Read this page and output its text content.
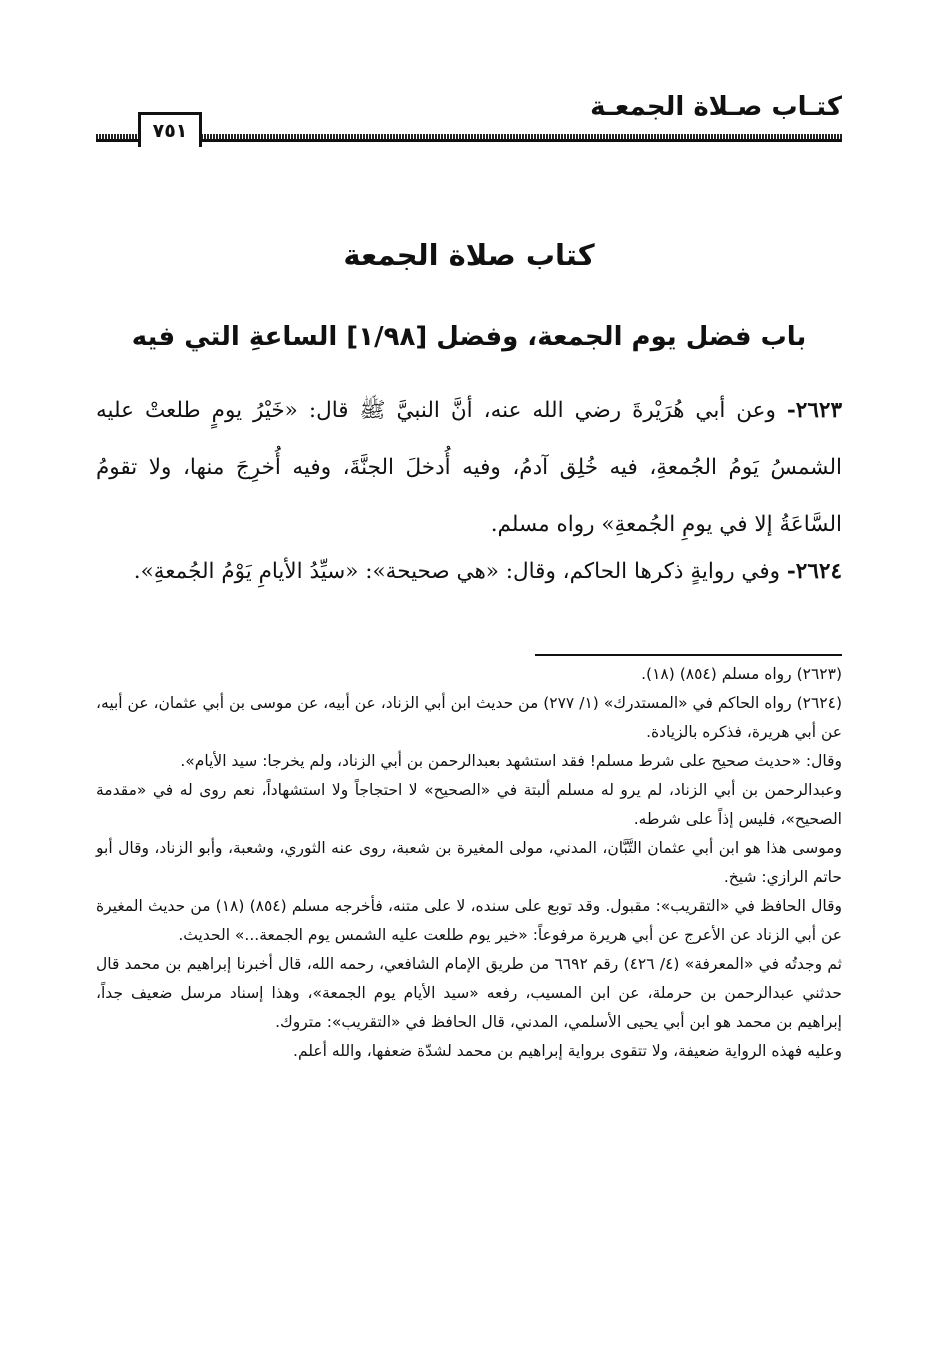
كتـاب صـلاة الجمعـة
٧٥١
كتاب صلاة الجمعة
باب فضل يوم الجمعة، وفضل [١/٩٨] الساعةِ التي فيه
٢٦٢٣- وعن أبي هُرَيْرةَ رضي الله عنه، أنَّ النبيَّ ﷺ قال: «خَيْرُ يومٍ طلعتْ عليه الشمسُ يَومُ الجُمعةِ، فيه خُلِق آدمُ، وفيه أُدخلَ الجنَّةَ، وفيه أُخرِجَ منها، ولا تقومُ السَّاعَةُ إلا في يومِ الجُمعةِ» رواه مسلم.
٢٦٢٤- وفي روايةٍ ذكرها الحاكم، وقال: «هي صحيحة»: «سيِّدُ الأيامِ يَوْمُ الجُمعةِ».

(٢٦٢٣) رواه مسلم (٨٥٤) (١٨).

(٢٦٢٤) رواه الحاكم في «المستدرك» (١/ ٢٧٧) من حديث ابن أبي الزناد، عن أبيه، عن موسى بن أبي عثمان، عن أبيه، عن أبي هريرة، فذكره بالزيادة.

وقال: «حديث صحيح على شرط مسلم! فقد استشهد بعبدالرحمن بن أبي الزناد، ولم يخرجا: سيد الأيام».

وعبدالرحمن بن أبي الزناد، لم يرو له مسلم ألبتة في «الصحيح» لا احتجاجاً ولا استشهاداً، نعم روى له في «مقدمة الصحيح»، فليس إذاً على شرطه.

وموسى هذا هو ابن أبي عثمان التَّبَّان، المدني، مولى المغيرة بن شعبة، روى عنه الثوري، وشعبة، وأبو الزناد، وقال أبو حاتم الرازي: شيخ.

وقال الحافظ في «التقريب»: مقبول. وقد توبع على سنده، لا على متنه، فأخرجه مسلم (٨٥٤) (١٨) من حديث المغيرة عن أبي الزناد عن الأعرج عن أبي هريرة مرفوعاً: «خير يوم طلعت عليه الشمس يوم الجمعة...» الحديث.

ثم وجدتُه في «المعرفة» (٤/ ٤٢٦) رقم ٦٦٩٢ من طريق الإمام الشافعي، رحمه الله، قال أخبرنا إبراهيم بن محمد قال حدثني عبدالرحمن بن حرملة، عن ابن المسيب، رفعه «سيد الأيام يوم الجمعة»، وهذا إسناد مرسل ضعيف جداً، إبراهيم بن محمد هو ابن أبي يحيى الأسلمي، المدني، قال الحافظ في «التقريب»: متروك.

وعليه فهذه الرواية ضعيفة، ولا تتقوى برواية إبراهيم بن محمد لشدّة ضعفها، والله أعلم.
